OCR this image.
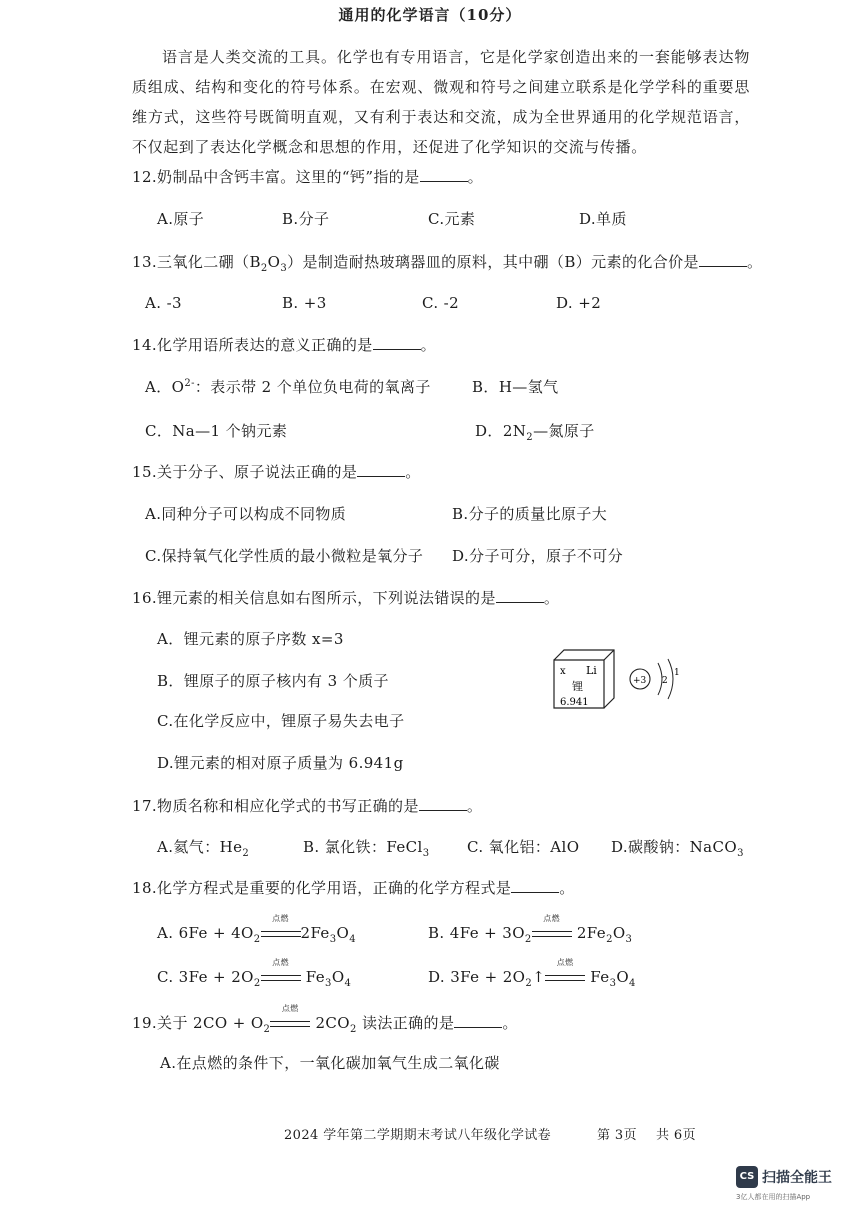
通用的化学语言（10分）
语言是人类交流的工具。化学也有专用语言，它是化学家创造出来的一套能够表达物质组成、结构和变化的符号体系。在宏观、微观和符号之间建立联系是化学学科的重要思维方式，这些符号既简明直观，又有利于表达和交流，成为全世界通用的化学规范语言，不仅起到了表达化学概念和思想的作用，还促进了化学知识的交流与传播。
12.奶制品中含钙丰富。这里的“钙”指的是	。
A.原子	B.分子	C.元素	D.单质
13.三氧化二硼$(B_2O_3)$是制造耐热玻璃器皿的原料，其中硼（B）元素的化合价是	。
A. -3	B. +3	C. -2	D. +2
14.化学用语所表达的意义正确的是	。
A．$O^{2-}$：表示带 2 个单位负电荷的氧离子	B．H—氢气
C．Na—1 个钠元素	D．$2N_2—$氮原子
15.关于分子、原子说法正确的是	。
A.同种分子可以构成不同物质	B.分子的质量比原子大
C.保持氧气化学性质的最小微粒是氧分子 D.分子可分，原子不可分
16.锂元素的相关信息如右图所示，下列说法错误的是	。
A．锂元素的原子序数 x=3
B．锂原子的原子核内有 3 个质子
C.在化学反应中，锂原子易失去电子
D.锂元素的相对原子质量为 6.941g
x Li
锂
6.941
+3 2
1
17.物质名称和相应化学式的书写正确的是	。
A.氦气：$He_2$	B. 氯化铁：FeCl$_3$	C. 氧化铝：AlO D.碳酸钠：NaCO$_3$
18.化学方程式是重要的化学用语，正确的化学方程式是	。
A. $6Fe + 4O_2$
点燃
$2Fe_3O_4$	B. $4Fe + 3O_2$
点燃
$2Fe_2O_3$
C. $3Fe + 2O_2$
点燃
$Fe_3O_4$	D. $3Fe + 2O_2↑$
点燃
$Fe_3O_4$
19.关于 $2CO + O_2$
点燃
$2CO_2$ 读法正确的是	。
A.在点燃的条件下，一氧化碳加氧气生成二氧化碳
2024 学年第二学期期末考试八年级化学试卷	第 3页 共 6页
CS 扫描全能王
3亿人都在用的扫描App
